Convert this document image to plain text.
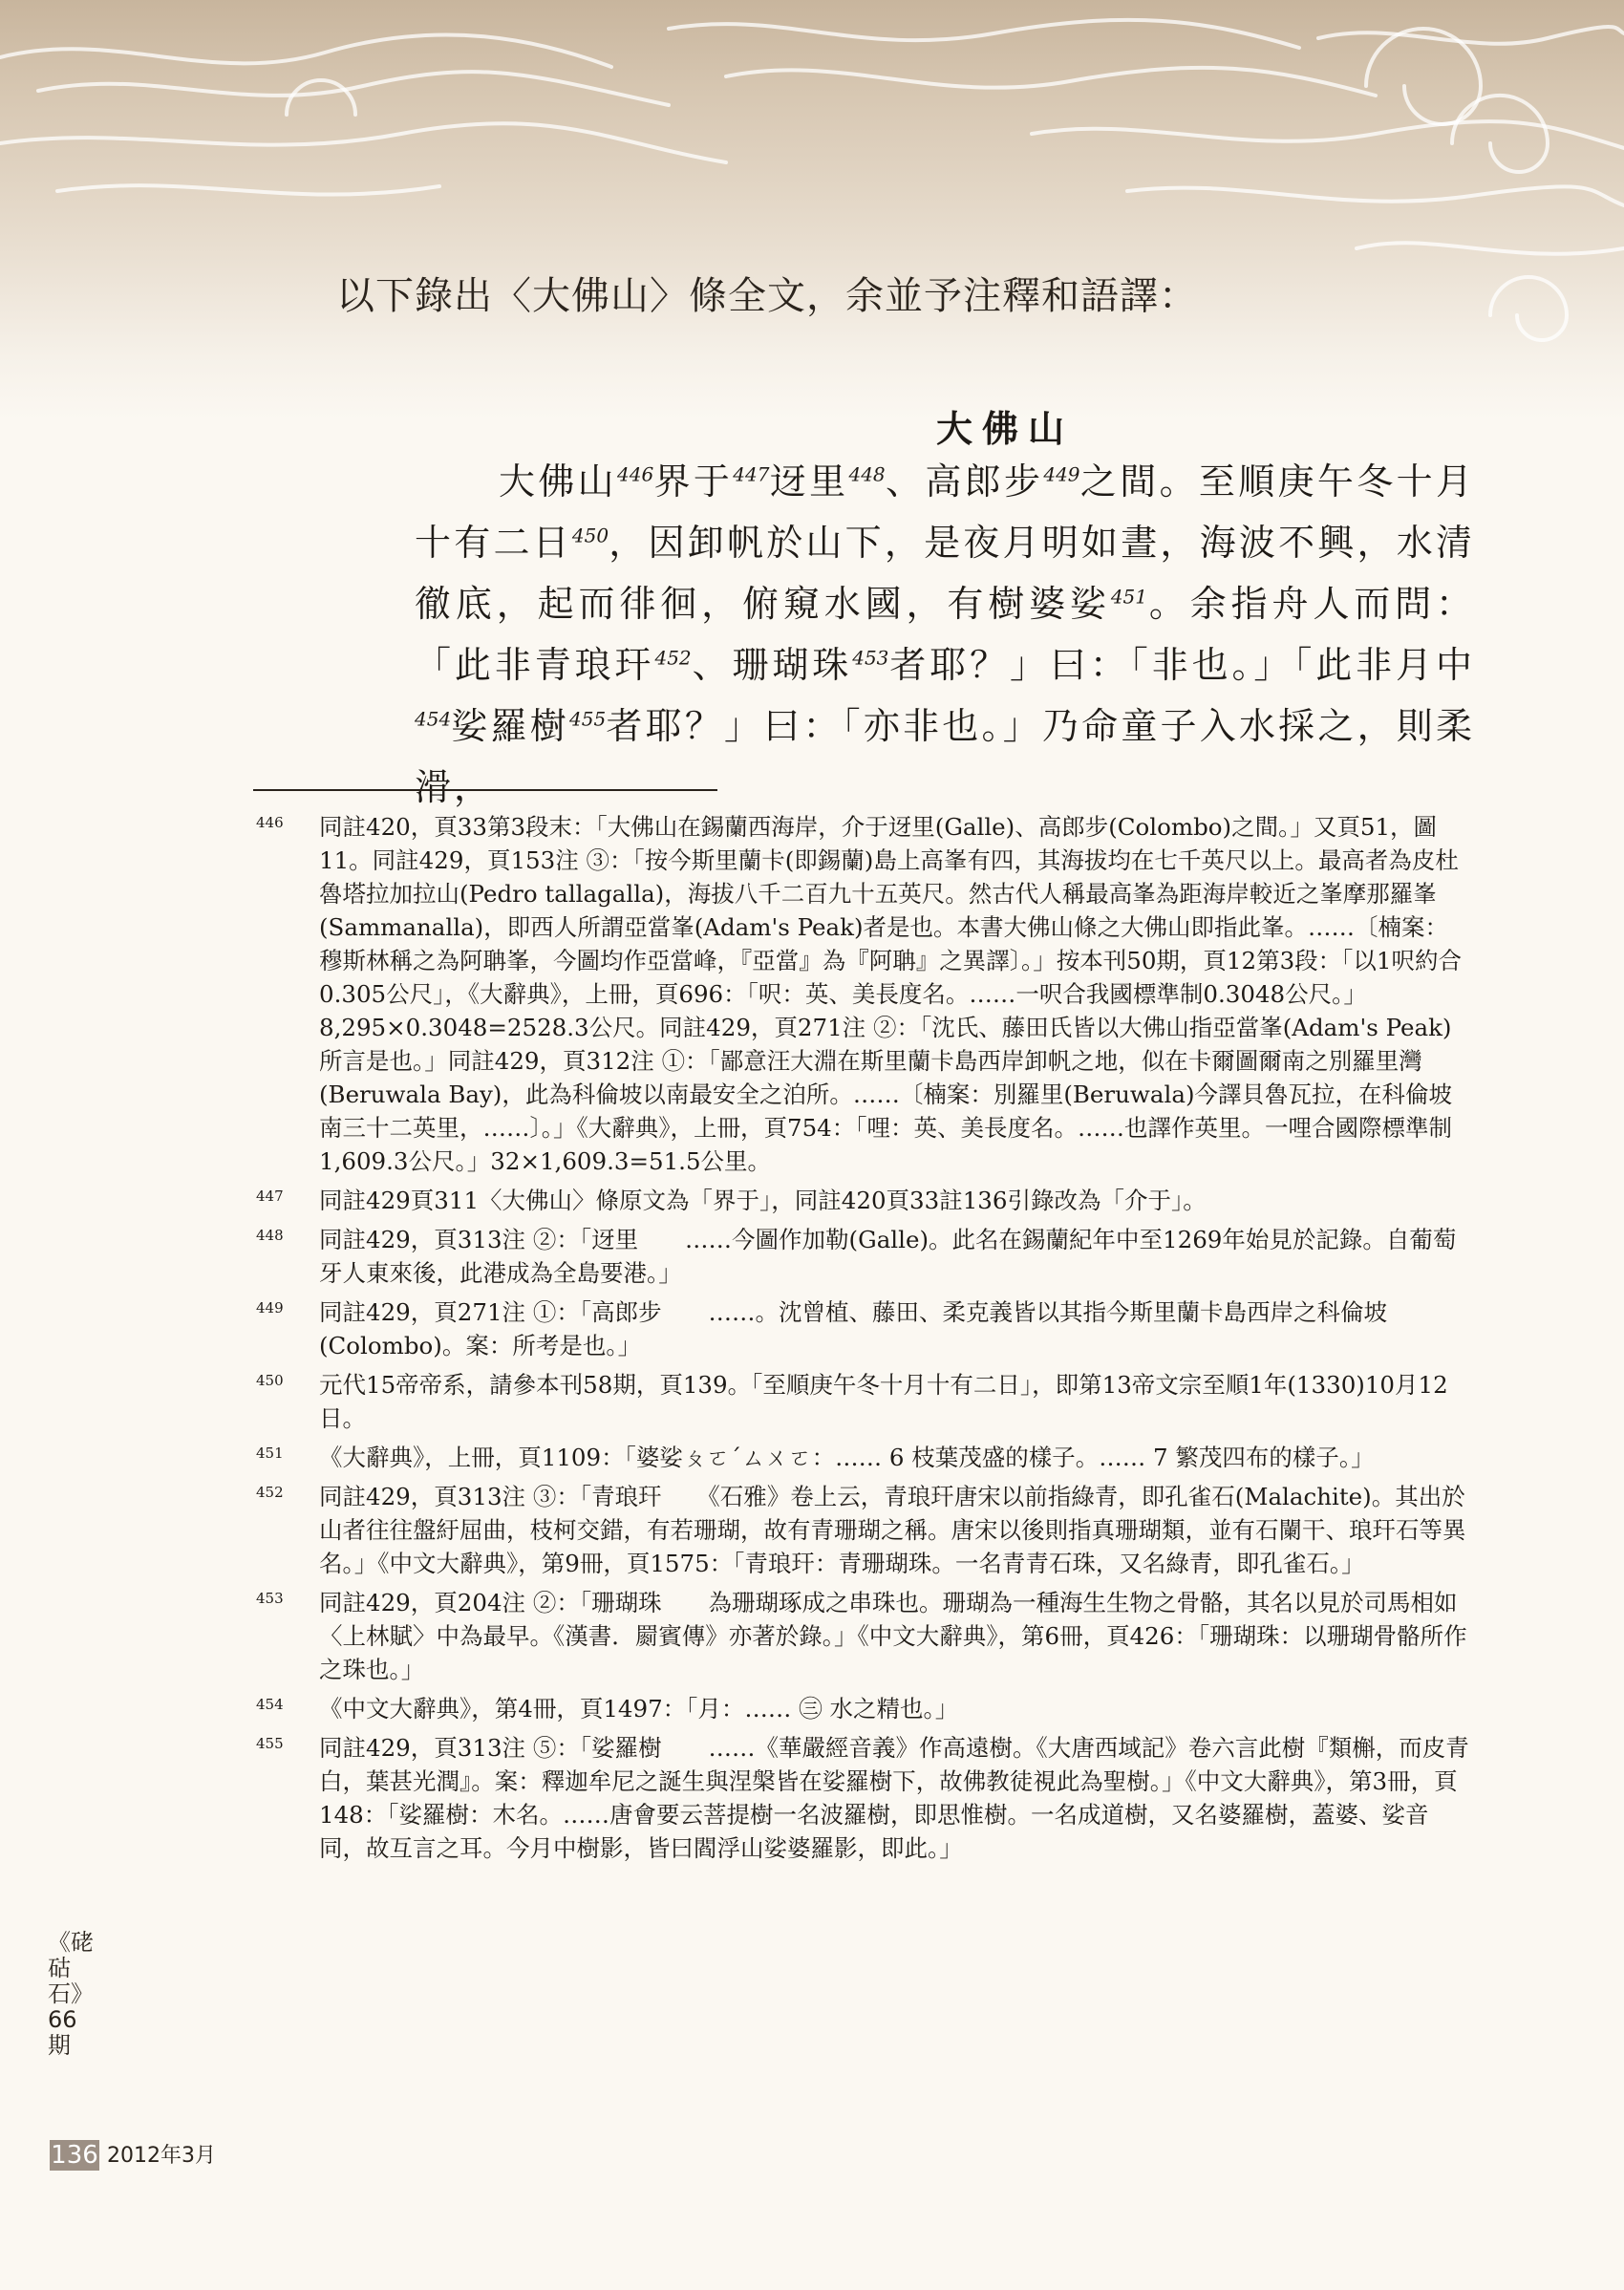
以下錄出〈大佛山〉條全文，余並予注釋和語譯：
大佛山

大佛山$^{446}$界于$^{447}$迓里$^{448}$、高郎步$^{449}$之間。至順庚午冬十月十有二日$^{450}$，因卸帆於山下，是夜月明如晝，海波不興，水清徹底，起而徘徊，俯窺水國，有樹婆娑$^{451}$。余指舟人而問：「此非青琅玕$^{452}$、珊瑚珠$^{453}$者耶？」曰：「非也。」「此非月中$^{454}$娑羅樹$^{455}$者耶？」曰：「亦非也。」乃命童子入水採之，則柔滑，

446 同註420，頁33第3段末：「大佛山在錫蘭西海岸，介于迓里(Galle)、高郎步(Colombo)之間。」又頁51，圖11。同註429，頁153注 ③：「按今斯里蘭卡(即錫蘭)島上高峯有四，其海拔均在七千英尺以上。最高者為皮杜魯塔拉加拉山(Pedro tallagalla)，海拔八千二百九十五英尺。然古代人稱最高峯為距海岸較近之峯摩那羅峯(Sammanalla)，即西人所謂亞當峯(Adam's Peak)者是也。本書大佛山條之大佛山即指此峯。……〔楠案：穆斯林稱之為阿聃峯，今圖均作亞當峰，『亞當』為『阿聃』之異譯〕。」按本刊50期，頁12第3段：「以1呎約合0.305公尺」，《大辭典》，上冊，頁696：「呎：英、美長度名。……一呎合我國標準制0.3048公尺。」8,295×0.3048=2528.3公尺。同註429，頁271注 ②：「沈氏、藤田氏皆以大佛山指亞當峯(Adam's Peak)所言是也。」同註429，頁312注 ①：「鄙意汪大淵在斯里蘭卡島西岸卸帆之地，似在卡爾圖爾南之別羅里灣(Beruwala Bay)，此為科倫坡以南最安全之泊所。……〔楠案：別羅里(Beruwala)今譯貝魯瓦拉，在科倫坡南三十二英里，……〕。」《大辭典》，上冊，頁754：「哩：英、美長度名。……也譯作英里。一哩合國際標準制1,609.3公尺。」32×1,609.3=51.5公里。
447 同註429頁311〈大佛山〉條原文為「界于」，同註420頁33註136引錄改為「介于」。
448 同註429，頁313注 ②：「迓里　　……今圖作加勒(Galle)。此名在錫蘭紀年中至1269年始見於記錄。自葡萄牙人東來後，此港成為全島要港。」
449 同註429，頁271注 ①：「高郎步　　……。沈曾植、藤田、柔克義皆以其指今斯里蘭卡島西岸之科倫坡(Colombo)。案：所考是也。」
450 元代15帝帝系，請參本刊58期，頁139。「至順庚午冬十月十有二日」，即第13帝文宗至順1年(1330)10月12日。
451 《大辭典》，上冊，頁1109：「婆娑ㄆㄛˊㄙㄨㄛ：…… 6 枝葉茂盛的樣子。…… 7 繁茂四布的樣子。」
452 同註429，頁313注 ③：「青琅玕　　《石雅》卷上云，青琅玕唐宋以前指綠青，即孔雀石(Malachite)。其出於山者往往盤紆屈曲，枝柯交錯，有若珊瑚，故有青珊瑚之稱。唐宋以後則指真珊瑚類，並有石闌干、琅玕石等異名。」《中文大辭典》，第9冊，頁1575：「青琅玕：青珊瑚珠。一名青青石珠，又名綠青，即孔雀石。」
453 同註429，頁204注 ②：「珊瑚珠　　為珊瑚琢成之串珠也。珊瑚為一種海生生物之骨骼，其名以見於司馬相如〈上林賦〉中為最早。《漢書．罽賓傳》亦著於錄。」《中文大辭典》，第6冊，頁426：「珊瑚珠：以珊瑚骨骼所作之珠也。」
454 《中文大辭典》，第4冊，頁1497：「月：…… ㊂ 水之精也。」
455 同註429，頁313注 ⑤：「娑羅樹　　……《華嚴經音義》作高遠樹。《大唐西域記》卷六言此樹『類槲，而皮青白，葉甚光潤』。案：釋迦牟尼之誕生與涅槃皆在娑羅樹下，故佛教徒視此為聖樹。」《中文大辭典》，第3冊，頁148：「娑羅樹：木名。……唐會要云菩提樹一名波羅樹，即思惟樹。一名成道樹，又名婆羅樹，蓋婆、娑音同，故互言之耳。今月中樹影，皆曰閻浮山娑婆羅影，即此。」
《硓𥑮石》
66期
136 2012年3月
